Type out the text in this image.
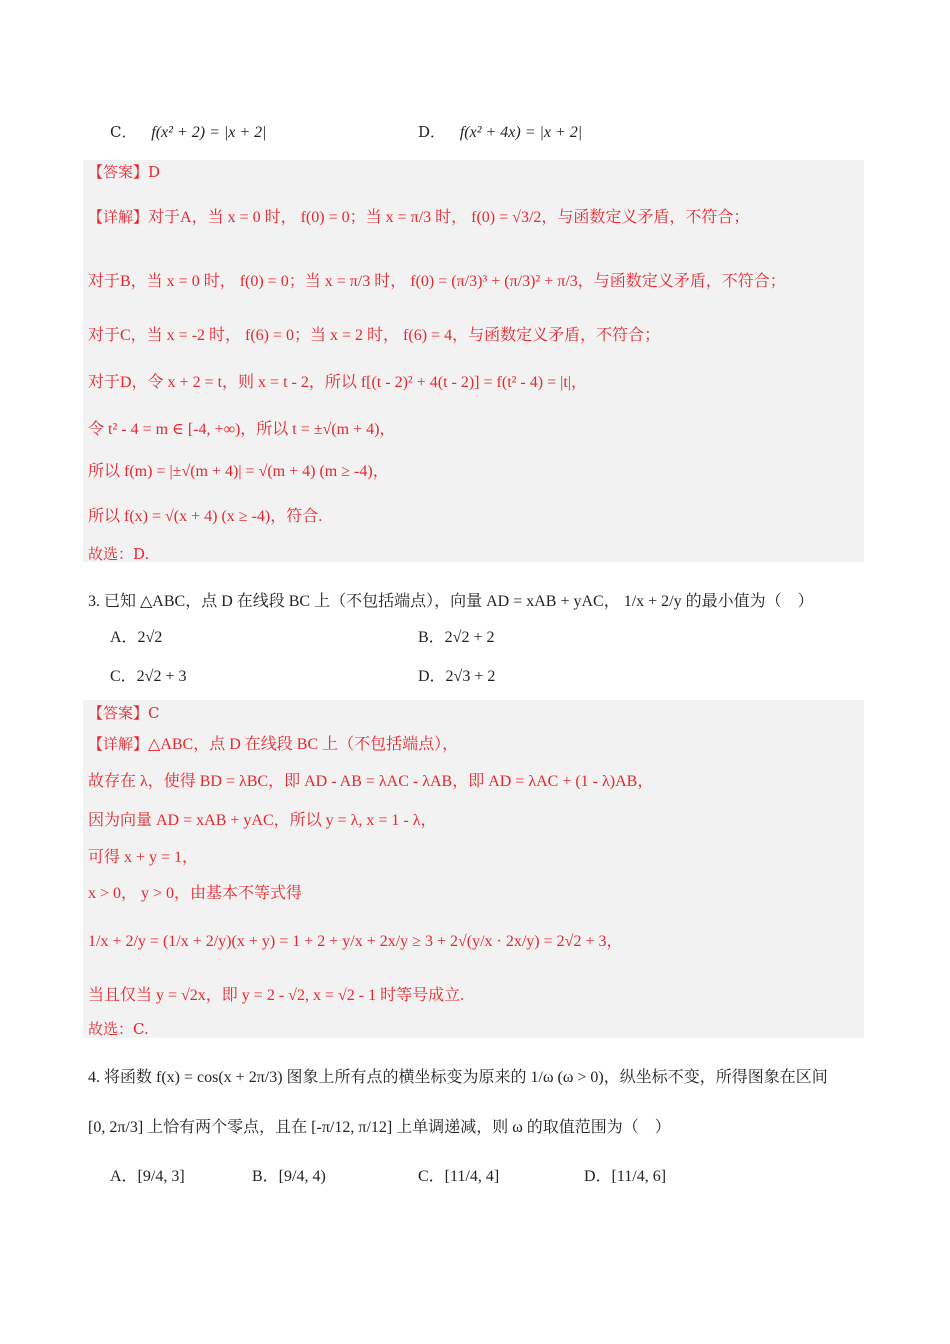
C． f(x² + 2) = |x + 2|	D． f(x² + 4x) = |x + 2|
【答案】D
【详解】对于A，当 x = 0 时， f(0) = 0；当 x = π/3 时， f(0) = √3/2，与函数定义矛盾，不符合；
对于B，当 x = 0 时， f(0) = 0；当 x = π/3 时， f(0) = (π/3)³ + (π/3)² + π/3，与函数定义矛盾，不符合；
对于C，当 x = -2 时， f(6) = 0；当 x = 2 时， f(6) = 4，与函数定义矛盾，不符合；
对于D，令 x + 2 = t，则 x = t - 2，所以 f[(t - 2)² + 4(t - 2)] = f(t² - 4) = |t|，
令 t² - 4 = m ∈ [-4, +∞)，所以 t = ±√(m + 4)，
所以 f(m) = |±√(m + 4)| = √(m + 4) (m ≥ -4)，
所以 f(x) = √(x + 4) (x ≥ -4)，符合.
故选：D.
3. 已知 △ABC，点 D 在线段 BC 上（不包括端点），向量 AD = xAB + yAC， 1/x + 2/y 的最小值为（　）
A．2√2	B．2√2 + 2
C．2√2 + 3	D．2√3 + 2
【答案】C
【详解】△ABC，点 D 在线段 BC 上（不包括端点），
故存在 λ，使得 BD = λBC，即 AD - AB = λAC - λAB，即 AD = λAC + (1 - λ)AB，
因为向量 AD = xAB + yAC，所以 y = λ, x = 1 - λ，
可得 x + y = 1，
x > 0， y > 0，由基本不等式得
1/x + 2/y = (1/x + 2/y)(x + y) = 1 + 2 + y/x + 2x/y ≥ 3 + 2√(y/x · 2x/y) = 2√2 + 3，
当且仅当 y = √2x，即 y = 2 - √2, x = √2 - 1 时等号成立.
故选：C.
4. 将函数 f(x) = cos(x + 2π/3) 图象上所有点的横坐标变为原来的 1/ω (ω > 0)，纵坐标不变，所得图象在区间
[0, 2π/3] 上恰有两个零点，且在 [-π/12, π/12] 上单调递减，则 ω 的取值范围为（　）
A．[9/4, 3]	B．[9/4, 4)	C．[11/4, 4]	D．[11/4, 6]
